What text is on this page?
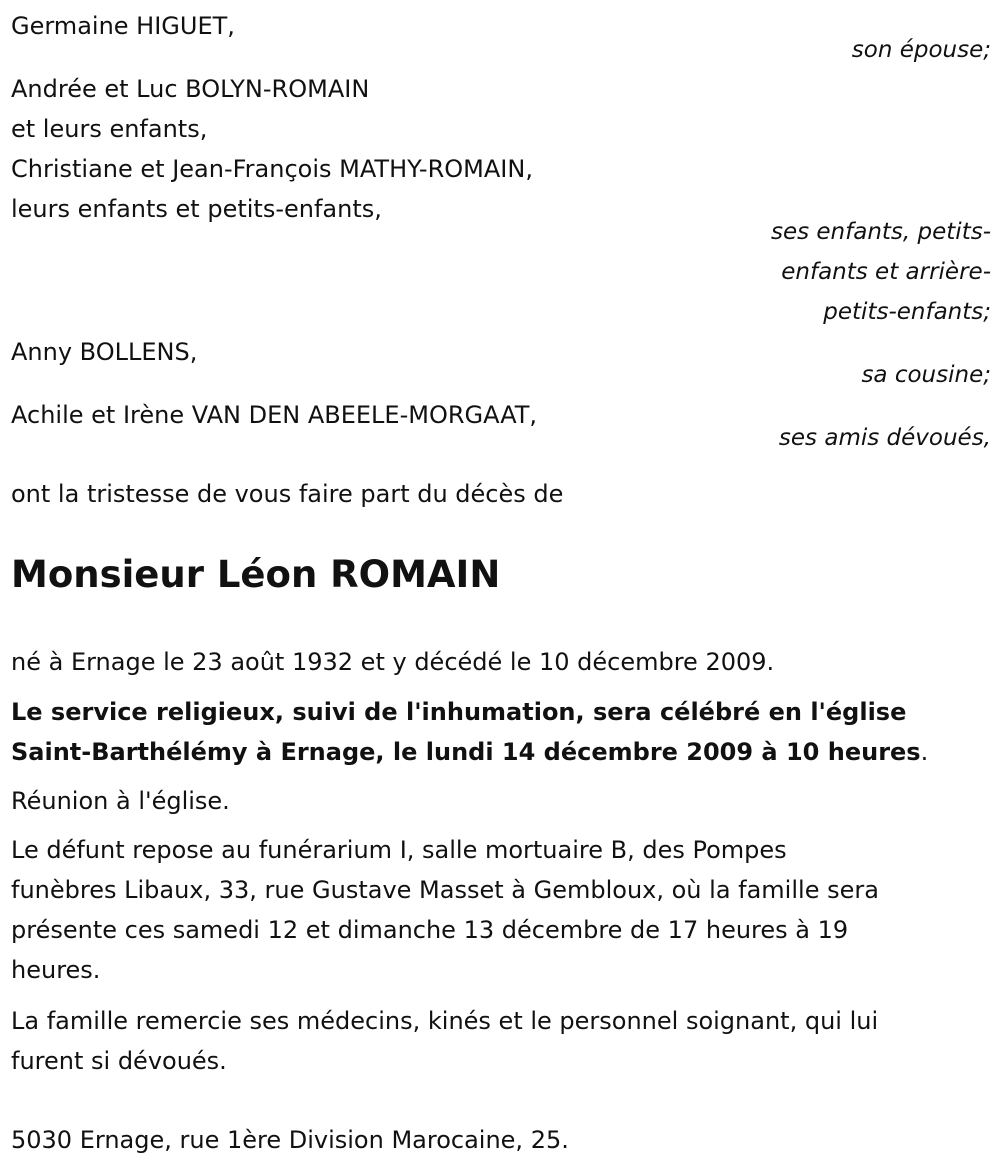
Germaine HIGUET,
son épouse;
Andrée et Luc BOLYN-ROMAIN
et leurs enfants,
Christiane et Jean-François MATHY-ROMAIN,
leurs enfants et petits-enfants,
ses enfants, petits-
enfants et arrière-
petits-enfants;
Anny BOLLENS,
sa cousine;
Achile et Irène VAN DEN ABEELE-MORGAAT,
ses amis dévoués,
ont la tristesse de vous faire part du décès de
Monsieur Léon ROMAIN
né à Ernage le 23 août 1932 et y décédé le 10 décembre 2009.
Le service religieux, suivi de l'inhumation, sera célébré en l'église
Saint-Barthélémy à Ernage, le lundi 14 décembre 2009 à 10 heures.
Réunion à l'église.
Le défunt repose au funérarium I, salle mortuaire B, des Pompes
funèbres Libaux, 33, rue Gustave Masset à Gembloux, où la famille sera
présente ces samedi 12 et dimanche 13 décembre de 17 heures à 19
heures.
La famille remercie ses médecins, kinés et le personnel soignant, qui lui
furent si dévoués.
5030 Ernage, rue 1ère Division Marocaine, 25.
